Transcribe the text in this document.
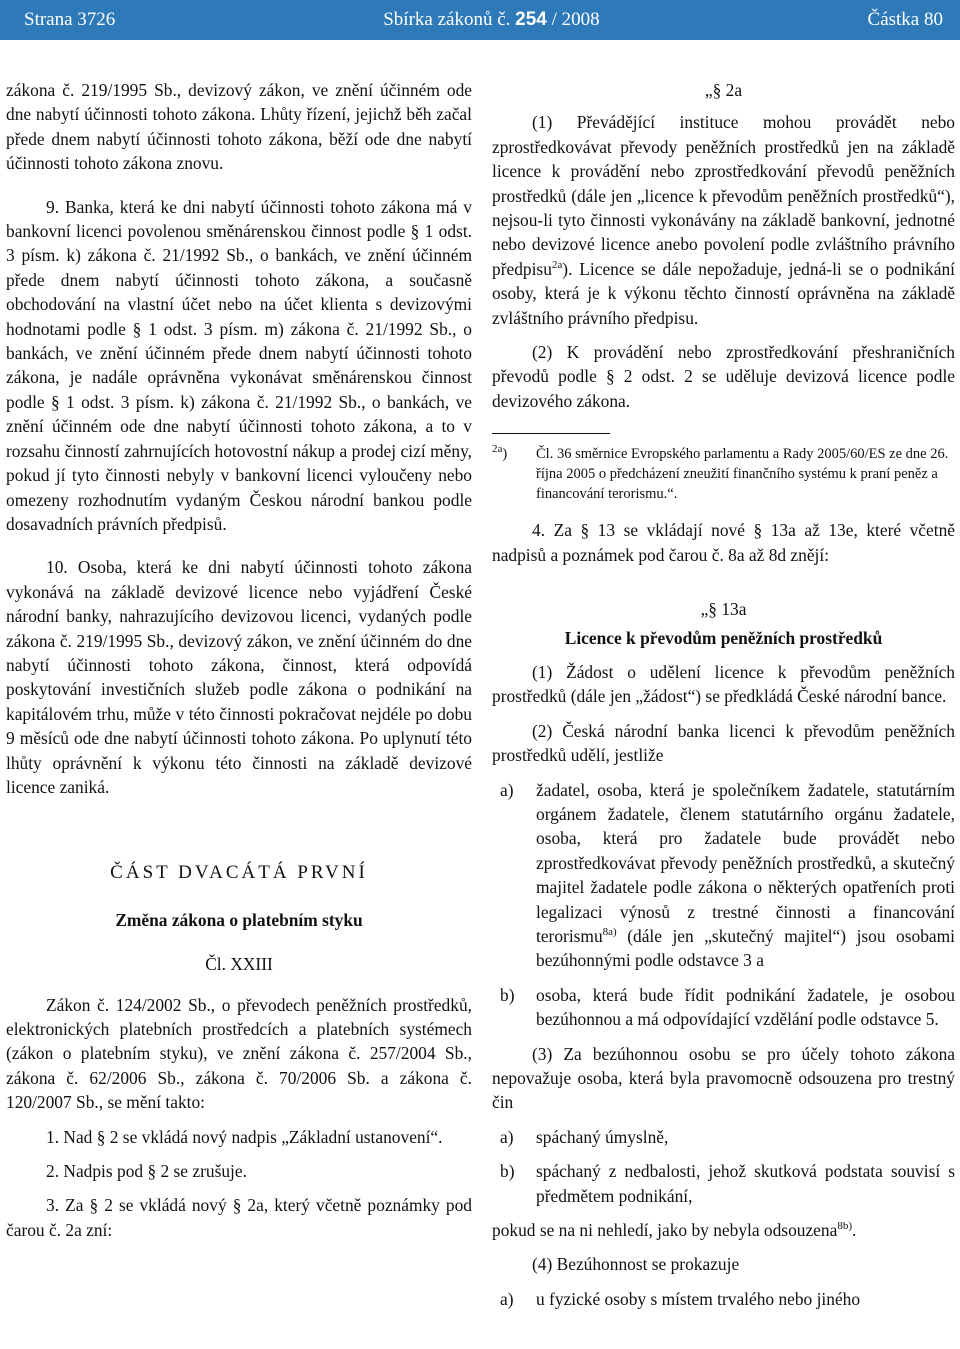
Strana 3726	Sbírka zákonů č. 254 / 2008	Částka 80

zákona č. 219/1995 Sb., devizový zákon, ve znění účinném ode dne nabytí účinnosti tohoto zákona. Lhůty řízení, jejichž běh začal přede dnem nabytí účinnosti tohoto zákona, běží ode dne nabytí účinnosti tohoto zákona znovu.

9. Banka, která ke dni nabytí účinnosti tohoto zákona má v bankovní licenci povolenou směnárenskou činnost podle § 1 odst. 3 písm. k) zákona č. 21/1992 Sb., o bankách, ve znění účinném přede dnem nabytí účinnosti tohoto zákona, a současně obchodování na vlastní účet nebo na účet klienta s devizovými hodnotami podle § 1 odst. 3 písm. m) zákona č. 21/1992 Sb., o bankách, ve znění účinném přede dnem nabytí účinnosti tohoto zákona, je nadále oprávněna vykonávat směnárenskou činnost podle § 1 odst. 3 písm. k) zákona č. 21/1992 Sb., o bankách, ve znění účinném ode dne nabytí účinnosti tohoto zákona, a to v rozsahu činností zahrnujících hotovostní nákup a prodej cizí měny, pokud jí tyto činnosti nebyly v bankovní licenci vyloučeny nebo omezeny rozhodnutím vydaným Českou národní bankou podle dosavadních právních předpisů.

10. Osoba, která ke dni nabytí účinnosti tohoto zákona vykonává na základě devizové licence nebo vyjádření České národní banky, nahrazujícího devizovou licenci, vydaných podle zákona č. 219/1995 Sb., devizový zákon, ve znění účinném do dne nabytí účinnosti tohoto zákona, činnost, která odpovídá poskytování investičních služeb podle zákona o podnikání na kapitálovém trhu, může v této činnosti pokračovat nejdéle po dobu 9 měsíců ode dne nabytí účinnosti tohoto zákona. Po uplynutí této lhůty oprávnění k výkonu této činnosti na základě devizové licence zaniká.

ČÁST DVACÁTÁ PRVNÍ

Změna zákona o platebním styku

Čl. XXIII

Zákon č. 124/2002 Sb., o převodech peněžních prostředků, elektronických platebních prostředcích a platebních systémech (zákon o platebním styku), ve znění zákona č. 257/2004 Sb., zákona č. 62/2006 Sb., zákona č. 70/2006 Sb. a zákona č. 120/2007 Sb., se mění takto:

1. Nad § 2 se vkládá nový nadpis „Základní ustanovení“.

2. Nadpis pod § 2 se zrušuje.

3. Za § 2 se vkládá nový § 2a, který včetně poznámky pod čarou č. 2a zní:

„§ 2a

(1) Převádějící instituce mohou provádět nebo zprostředkovávat převody peněžních prostředků jen na základě licence k provádění nebo zprostředkování převodů peněžních prostředků (dále jen „licence k převodům peněžních prostředků“), nejsou-li tyto činnosti vykonávány na základě bankovní, jednotné nebo devizové licence anebo povolení podle zvláštního právního předpisu$^{2a}$). Licence se dále nepožaduje, jedná-li se o podnikání osoby, která je k výkonu těchto činností oprávněna na základě zvláštního právního předpisu.

(2) K provádění nebo zprostředkování přeshraničních převodů podle § 2 odst. 2 se uděluje devizová licence podle devizového zákona.

$^{2a}$)	Čl. 36 směrnice Evropského parlamentu a Rady 2005/60/ES ze dne 26. října 2005 o předcházení zneužití finančního systému k praní peněz a financování terorismu.“.

4. Za § 13 se vkládají nové § 13a až 13e, které včetně nadpisů a poznámek pod čarou č. 8a až 8d znějí:

„§ 13a

Licence k převodům peněžních prostředků

(1) Žádost o udělení licence k převodům peněžních prostředků (dále jen „žádost“) se předkládá České národní bance.

(2) Česká národní banka licenci k převodům peněžních prostředků udělí, jestliže

a)	žadatel, osoba, která je společníkem žadatele, statutárním orgánem žadatele, členem statutárního orgánu žadatele, osoba, která pro žadatele bude provádět nebo zprostředkovávat převody peněžních prostředků, a skutečný majitel žadatele podle zákona o některých opatřeních proti legalizaci výnosů z trestné činnosti a financování terorismu$^{8a)}$ (dále jen „skutečný majitel“) jsou osobami bezúhonnými podle odstavce 3 a
b)	osoba, která bude řídit podnikání žadatele, je osobou bezúhonnou a má odpovídající vzdělání podle odstavce 5.

(3) Za bezúhonnou osobu se pro účely tohoto zákona nepovažuje osoba, která byla pravomocně odsouzena pro trestný čin

a)	spáchaný úmyslně,
b)	spáchaný z nedbalosti, jehož skutková podstata souvisí s předmětem podnikání,

pokud se na ni nehledí, jako by nebyla odsouzena$^{8b)}$.

(4) Bezúhonnost se prokazuje

a)	u fyzické osoby s místem trvalého nebo jiného
